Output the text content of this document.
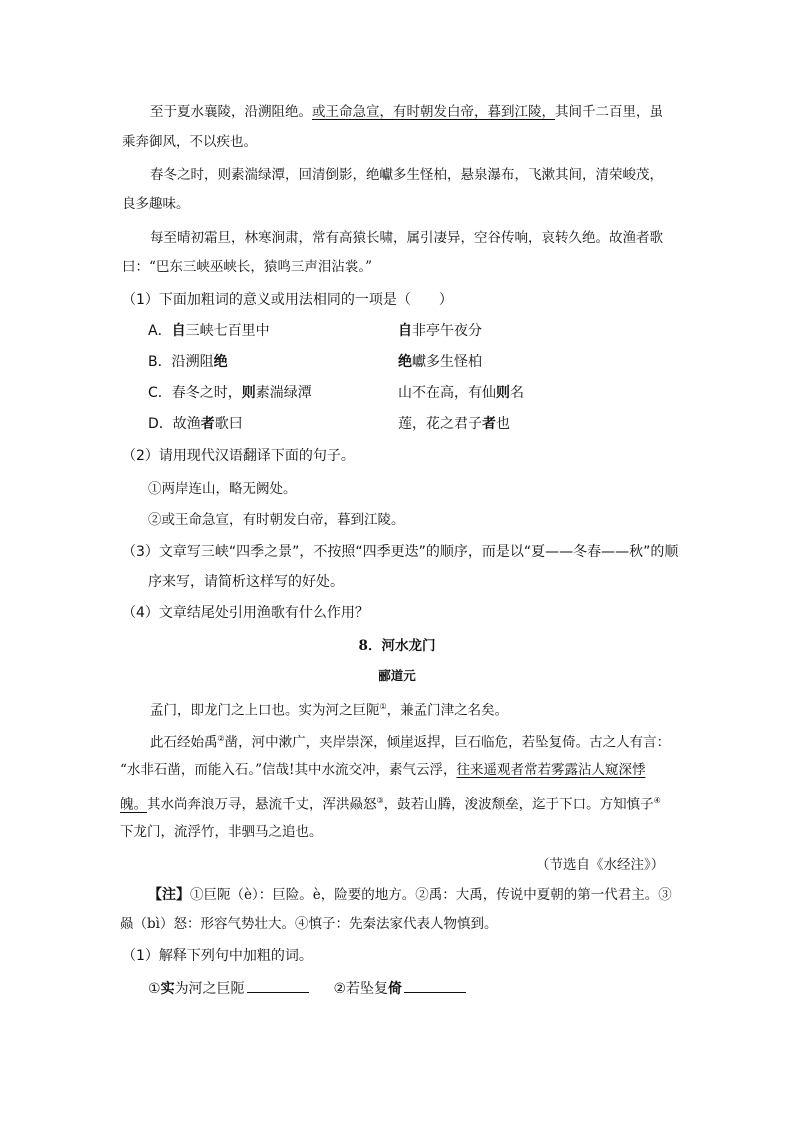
至于夏水襄陵，沿溯阻绝。或王命急宣，有时朝发白帝，暮到江陵，其间千二百里，虽
乘奔御风，不以疾也。
春冬之时，则素湍绿潭，回清倒影，绝巘多生怪柏，悬泉瀑布，飞漱其间，清荣峻茂，
良多趣味。
每至晴初霜旦，林寒涧肃，常有高猿长啸，属引凄异，空谷传响，哀转久绝。故渔者歌
曰：“巴东三峡巫峡长，猿鸣三声泪沾裳。”
（1）下面加粗词的意义或用法相同的一项是（　　）
A．自三峡七百里中	自非亭午夜分
B．沿溯阻绝	绝巘多生怪柏
C．春冬之时，则素湍绿潭	山不在高，有仙则名
D．故渔者歌曰	莲，花之君子者也
（2）请用现代汉语翻译下面的句子。
①两岸连山，略无阙处。
②或王命急宣，有时朝发白帝，暮到江陵。
（3）文章写三峡“四季之景”，不按照“四季更迭”的顺序，而是以“夏——冬春——秋”的顺
序来写，请简析这样写的好处。
（4）文章结尾处引用渔歌有什么作用？
8．河水龙门
郦道元
孟门，即龙门之上口也。实为河之巨阨①，兼孟门津之名矣。
此石经始禹②凿，河中漱广，夹岸崇深，倾崖返捍，巨石临危，若坠复倚。古之人有言：
“水非石凿，而能入石。”信哉!其中水流交冲，素气云浮，往来遥观者常若雾露沾人窥深悸
魄。其水尚奔浪万寻，悬流千丈，浑洪赑怒③，鼓若山腾，浚波颓垒，迄于下口。方知慎子④
下龙门，流浮竹，非驷马之追也。
（节选自《水经注》）
【注】①巨阨（è）：巨险。è，险要的地方。②禹：大禹，传说中夏朝的第一代君主。③
赑（bì）怒：形容气势壮大。④慎子：先秦法家代表人物慎到。
（1）解释下列句中加粗的词。
①实为河之巨阨	②若坠复倚
